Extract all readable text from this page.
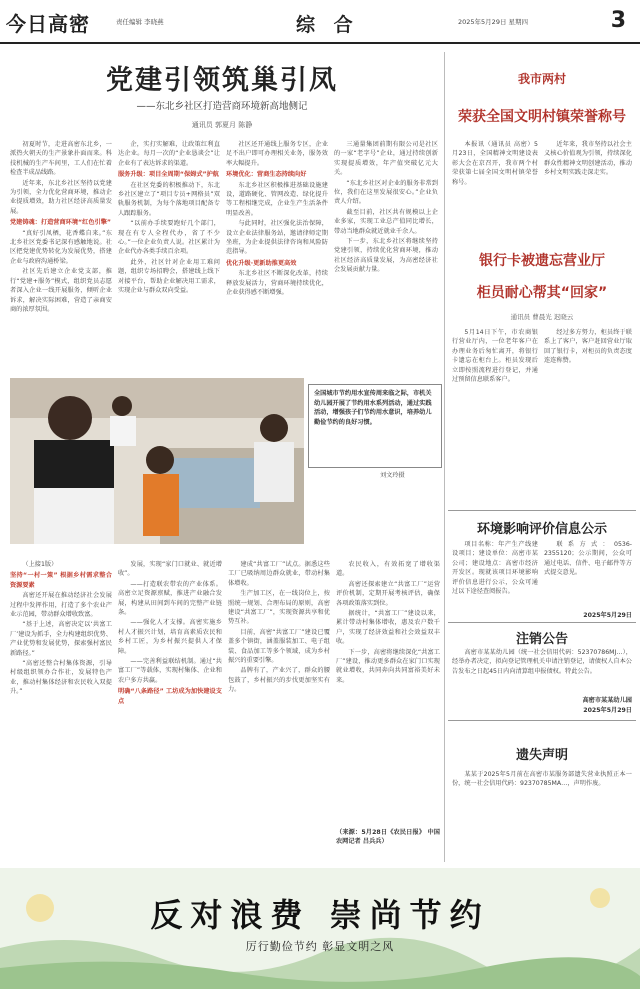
今日高密	责任编辑 李晓燕	综 合	2025年5月29日 星期四	3
党建引领筑巢引凤
——东北乡社区打造营商环境新高地侧记
通讯员 郭夏月 陈静

初夏时节，走进高密东北乡，一派热火朝天的生产景象扑面而来。科技机械的生产车间里，工人们在忙着检查半成品线路。

近年来，东北乡社区坚持以党建为引领，全力优化营商环境，推动企业提质增效，助力社区经济高质量发展。

党建铸魂：打造营商环境“红色引擎”

“真好引凤栖，花香蝶自来。”东北乡社区党委书记深有感触地说。社区把党建优势转化为发展优势，搭建企业与政府沟通桥梁。

社区先后建立企业党支部，推行“党建+服务”模式，组织党员志愿者深入企业一线开展服务，倾听企业诉求，解决实际困难，营造了亲商安商的浓厚氛围。

企，实打实解难，让政策红利直达企业。每月一次的“企业恳谈会”让企业有了表达诉求的渠道。

服务升级：项目全周期“保姆式”护航

在社区党委的积极推动下，东北乡社区建立了“项目专员+网格员”双轨服务机制，为每个落地项目配备专人跟踪服务。

“以前办手续要跑好几个部门，现在有专人全程代办，省了不少心。”一位企业负责人说。社区累计为企业代办各类手续百余项。

此外，社区针对企业用工难问题，组织专场招聘会，搭建线上线下对接平台，帮助企业解决用工需求，实现企业与群众双向受益。

社区还开通线上服务专区，企业足不出户即可办理相关业务，服务效率大幅提升。

环境优化：营商生态持续向好

东北乡社区积极推进基础设施建设，道路硬化、管网改造、绿化提升等工程相继完成，企业生产生活条件明显改善。

与此同时，社区强化法治保障，设立企业法律服务站，邀请律师定期坐班，为企业提供法律咨询和风险防范指导。

优化升级·更新助推更高效

东北乡社区不断深化改革，持续释放发展活力，营商环境持续优化，企业获得感不断增强。

三通量集团前期有限公司是社区的一家“老字号”企业，通过持续创新实现提质增效，年产值突破亿元大关。

“东北乡社区对企业的服务非常到位，我们在这里发展很安心。”企业负责人介绍。

截至目前，社区共有规模以上企业多家，实现工业总产值同比增长，带动当地群众就近就业千余人。

下一步，东北乡社区将继续坚持党建引领，持续优化营商环境，推动社区经济高质量发展，为高密经济社会发展贡献力量。

全国城市节约用水宣传周来临之际，市机关幼儿园开展了节约用水系列活动，通过实践活动，增强孩子们节约用水意识，培养幼儿勤俭节约的良好习惯。
刘文玲摄

（上接1版）

坚持“一村一策” 根据乡村需求整合资源要素

高密还开展在推动经济社会发展过程中发挥作用，打造了多个农业产业示范园，带动群众增收致富。

“基于上述，高密决定以‘共富工厂’建设为抓手，全力构建组织优势、产业优势和发展优势，探索强村富民新路径。”

“高密还整合村集体资源，引导村级组织领办合作社，发展特色产业，推动村集体经济和农民收入双提升。”

发展，实现“家门口就业、就近增收”。

——打造联农带农的产业体系。高密立足资源禀赋，推进产业融合发展，构建从田间到车间的完整产业链条。

——强化人才支撑。高密实施乡村人才振兴计划，培育高素质农民和乡村工匠，为乡村振兴提供人才保障。

——完善利益联结机制。通过“共富工厂”等载体，实现村集体、企业和农户多方共赢。

明确“八条路径” 工坊成为加快建设支点

建成“共富工厂”试点。据悉这些工厂已吸纳周边群众就业，带动村集体增收。

生产加工区，在一线岗位上，按照统一规划、合理布局的原则，高密建设“共富工厂”，实现资源共享和优势互补。

目前，高密“共富工厂”建设已覆盖多个镇街，涵盖服装加工、电子组装、食品加工等多个领域，成为乡村振兴的重要引擎。

品牌有了，产业兴了，群众的腰包鼓了，乡村振兴的步伐更加坚实有力。

农民收入，有效拓宽了增收渠道。

高密还探索建立“共富工厂”运营评价机制，定期开展考核评估，确保各项政策落实到位。

据统计，“共富工厂”建设以来，累计带动村集体增收，惠及农户数千户，实现了经济效益和社会效益双丰收。

下一步，高密将继续深化“共富工厂”建设，推动更多群众在家门口实现就业增收，共同奔向共同富裕美好未来。

（来源：5月28日《农民日报》 中国农网记者 吕兵兵）
我市两村
荣获全国文明村镇荣誉称号

本报讯（通讯员 高密）5月23日，全国精神文明建设表彰大会在京召开，我市两个村荣获第七届全国文明村镇荣誉称号。

近年来，我市坚持以社会主义核心价值观为引领，持续深化群众性精神文明创建活动，推动乡村文明实践走深走实。

银行卡被遗忘营业厅
柜员耐心帮其“回家”
通讯员 曹晨光 迟晓云

5月14日下午，市农商银行营业厅内，一位老年客户在办理业务后匆忙离开，将银行卡遗忘在柜台上。柜员发现后立即按照流程进行登记，并通过预留信息联系客户。

经过多方努力，柜员终于联系上了客户，客户赶回营业厅取回了银行卡，对柜员的负责态度连连称赞。

环境影响评价信息公示

项目名称：年产生产线建设项目；建设单位：高密市某公司；建设地点：高密市经济开发区。现就该项目环境影响评价信息进行公示，公众可通过以下途径查阅报告。

联系方式：0536-2355120；公示期间，公众可通过电话、信件、电子邮件等方式提交意见。

2025年5月29日
注销公告

高密市某某幼儿园（统一社会信用代码：52370786MJ…），经举办者决定，拟向登记管理机关申请注销登记，请债权人自本公告发布之日起45日内向清算组申报债权。特此公告。

高密市某某幼儿园
2025年5月29日
遗失声明

某某于2025年5月前在高密市某服务部遗失营业执照正本一份，统一社会信用代码：92370785MA…，声明作废。

反对浪费 崇尚节约
厉行勤俭节约 彰显文明之风
